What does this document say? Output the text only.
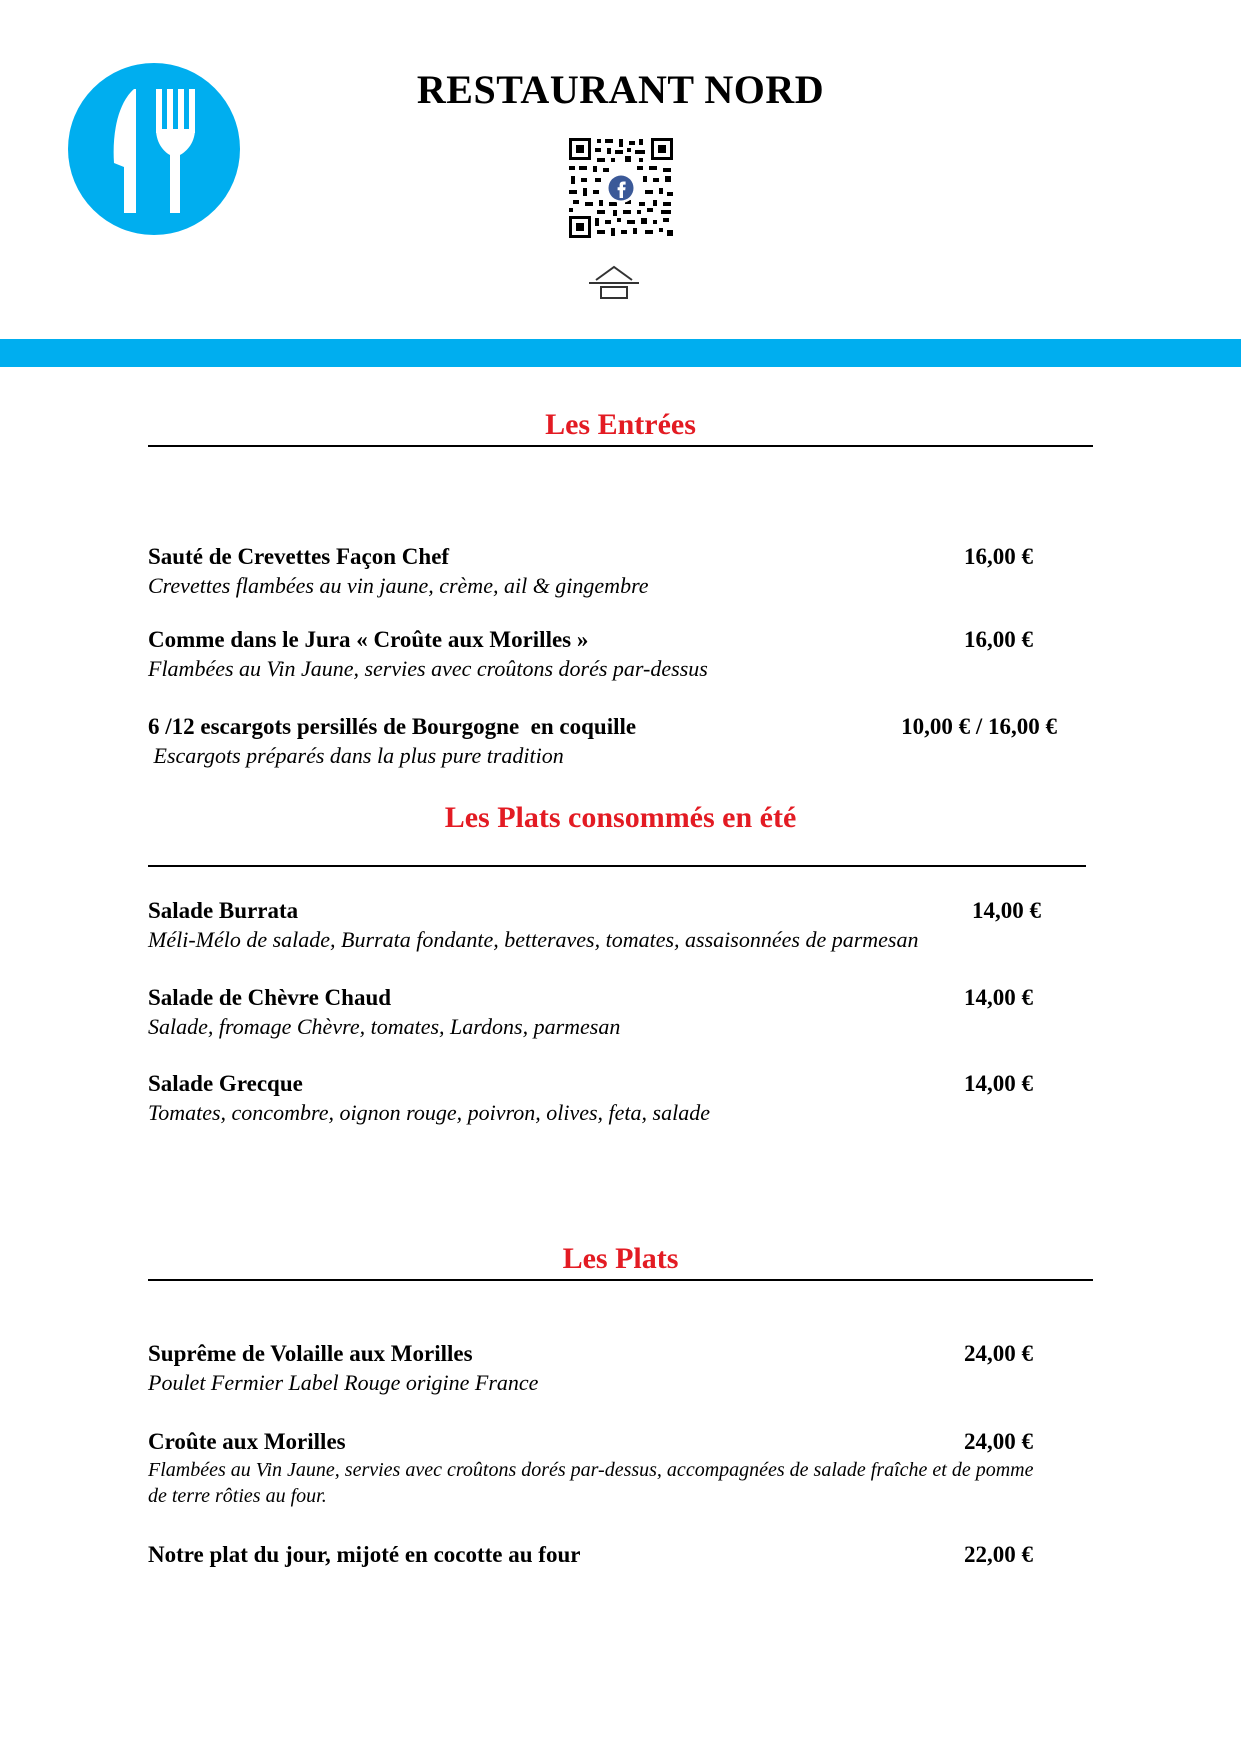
RESTAURANT NORD
Les Entrées
Sauté de Crevettes Façon Chef
Crevettes flambées au vin jaune, crème, ail & gingembre
16,00 €
Comme dans le Jura « Croûte aux Morilles »
Flambées au Vin Jaune, servies avec croûtons dorés par-dessus
16,00 €
6 /12 escargots persillés de Bourgogne  en coquille
Escargots préparés dans la plus pure tradition
10,00 € / 16,00 €
Les Plats consommés en été
Salade Burrata
Méli-Mélo de salade, Burrata fondante, betteraves, tomates, assaisonnées de parmesan
14,00 €
Salade de Chèvre Chaud
Salade, fromage Chèvre, tomates, Lardons, parmesan
14,00 €
Salade Grecque
Tomates, concombre, oignon rouge, poivron, olives, feta, salade
14,00 €
Les Plats
Suprême de Volaille aux Morilles
Poulet Fermier Label Rouge origine France
24,00 €
Croûte aux Morilles
Flambées au Vin Jaune, servies avec croûtons dorés par-dessus, accompagnées de salade fraîche et de pomme de terre rôties au four.
24,00 €
Notre plat du jour, mijoté en cocotte au four	22,00 €
